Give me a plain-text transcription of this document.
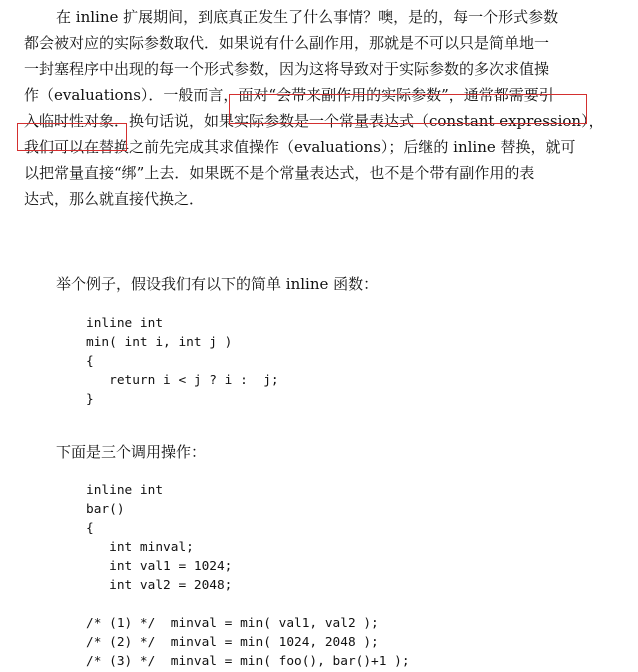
在 inline 扩展期间，到底真正发生了什么事情？噢，是的，每一个形式参数
都会被对应的实际参数取代．如果说有什么副作用，那就是不可以只是简单地一
一封塞程序中出现的每一个形式参数，因为这将导致对于实际参数的多次求值操
作（evaluations）．一般而言，面对“会带来副作用的实际参数”，通常都需要引
入临时性对象．换句话说，如果实际参数是一个常量表达式（constant expression），
我们可以在替换之前先完成其求值操作（evaluations）；后继的 inline 替换，就可
以把常量直接“绑”上去．如果既不是个常量表达式，也不是个带有副作用的表
达式，那么就直接代换之．
举个例子，假设我们有以下的简单 inline 函数：
inline int
min( int i, int j )
{
return i < j ? i :  j;
}
下面是三个调用操作：
inline int
bar()
{
int minval;
int val1 = 1024;
int val2 = 2048;

/* (1) */  minval = min( val1, val2 );
/* (2) */  minval = min( 1024, 2048 );
/* (3) */  minval = min( foo(), bar()+1 );
